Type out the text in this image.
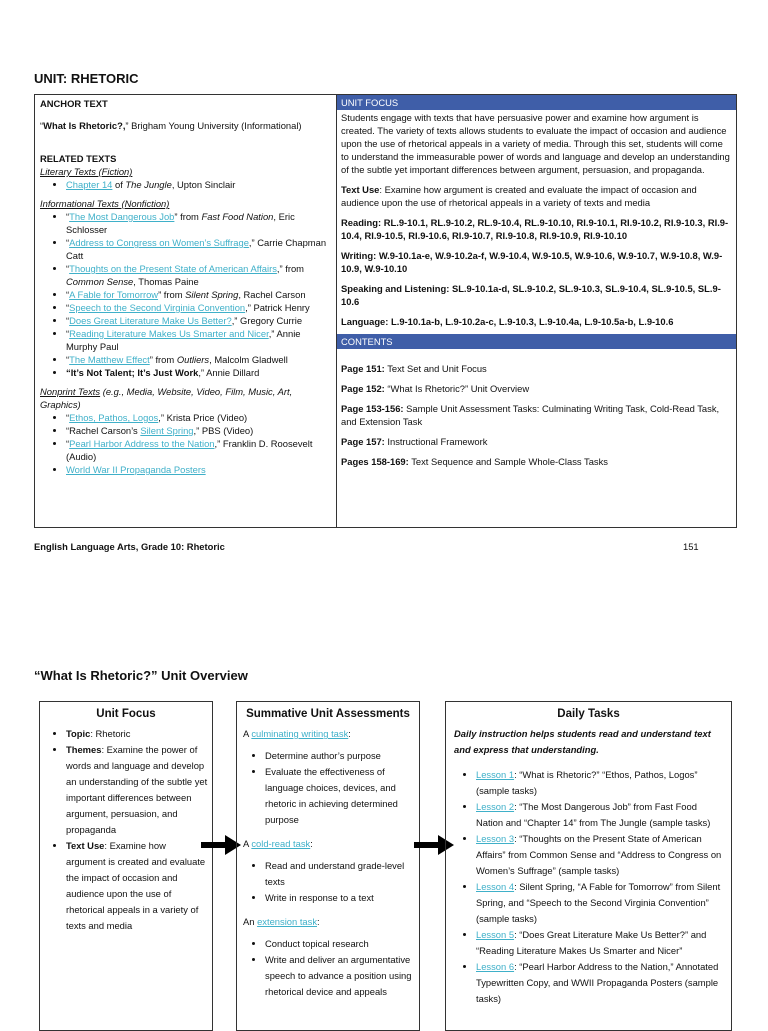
UNIT: RHETORIC
ANCHOR TEXT
“What Is Rhetoric?,” Brigham Young University (Informational)
RELATED TEXTS
Literary Texts (Fiction)
• Chapter 14 of The Jungle, Upton Sinclair
Informational Texts (Nonfiction)
• “The Most Dangerous Job” from Fast Food Nation, Eric Schlosser
• “Address to Congress on Women’s Suffrage,” Carrie Chapman Catt
• “Thoughts on the Present State of American Affairs,” from Common Sense, Thomas Paine
• “A Fable for Tomorrow” from Silent Spring, Rachel Carson
• “Speech to the Second Virginia Convention,” Patrick Henry
• “Does Great Literature Make Us Better?,” Gregory Currie
• “Reading Literature Makes Us Smarter and Nicer,” Annie Murphy Paul
• “The Matthew Effect” from Outliers, Malcolm Gladwell
• “It’s Not Talent; It’s Just Work,” Annie Dillard
Nonprint Texts (e.g., Media, Website, Video, Film, Music, Art, Graphics)
• “Ethos, Pathos, Logos,” Krista Price (Video)
• “Rachel Carson’s Silent Spring,” PBS (Video)
• “Pearl Harbor Address to the Nation,” Franklin D. Roosevelt (Audio)
• World War II Propaganda Posters
UNIT FOCUS
Students engage with texts that have persuasive power and examine how argument is created. The variety of texts allows students to evaluate the impact of occasion and audience upon the use of rhetorical appeals in a variety of media. Through this set, students will come to understand the immeasurable power of words and language and develop an understanding of the subtle yet important differences between argument, persuasion, and propaganda.
Text Use: Examine how argument is created and evaluate the impact of occasion and audience upon the use of rhetorical appeals in a variety of texts and media
Reading: RL.9-10.1, RL.9-10.2, RL.9-10.4, RL.9-10.10, RI.9-10.1, RI.9-10.2, RI.9-10.3, RI.9-10.4, RI.9-10.5, RI.9-10.6, RI.9-10.7, RI.9-10.8, RI.9-10.9, RI.9-10.10
Writing: W.9-10.1a-e, W.9-10.2a-f, W.9-10.4, W.9-10.5, W.9-10.6, W.9-10.7, W.9-10.8, W.9-10.9, W.9-10.10
Speaking and Listening: SL.9-10.1a-d, SL.9-10.2, SL.9-10.3, SL.9-10.4, SL.9-10.5, SL.9-10.6
Language: L.9-10.1a-b, L.9-10.2a-c, L.9-10.3, L.9-10.4a, L.9-10.5a-b, L.9-10.6
CONTENTS

Page 151: Text Set and Unit Focus

Page 152: “What Is Rhetoric?” Unit Overview

Page 153-156: Sample Unit Assessment Tasks: Culminating Writing Task, Cold-Read Task, and Extension Task

Page 157: Instructional Framework

Pages 158-169: Text Sequence and Sample Whole-Class Tasks

English Language Arts, Grade 10: Rhetoric	151
“What Is Rhetoric?” Unit Overview
Unit Focus
• Topic: Rhetoric
• Themes: Examine the power of words and language and develop an understanding of the subtle yet important differences between argument, persuasion, and propaganda
• Text Use: Examine how argument is created and evaluate the impact of occasion and audience upon the use of rhetorical appeals in a variety of texts and media
Summative Unit Assessments
A culminating writing task:
• Determine author’s purpose
• Evaluate the effectiveness of language choices, devices, and rhetoric in achieving determined purpose
A cold-read task:
• Read and understand grade-level texts
• Write in response to a text
An extension task:
• Conduct topical research
• Write and deliver an argumentative speech to advance a position using rhetorical device and appeals
Daily Tasks
Daily instruction helps students read and understand text and express that understanding.
• Lesson 1: “What is Rhetoric?” “Ethos, Pathos, Logos” (sample tasks)
• Lesson 2: “The Most Dangerous Job” from Fast Food Nation and “Chapter 14” from The Jungle (sample tasks)
• Lesson 3: “Thoughts on the Present State of American Affairs” from Common Sense and “Address to Congress on Women’s Suffrage” (sample tasks)
• Lesson 4: Silent Spring, “A Fable for Tomorrow” from Silent Spring, and “Speech to the Second Virginia Convention” (sample tasks)
• Lesson 5: “Does Great Literature Make Us Better?” and “Reading Literature Makes Us Smarter and Nicer”
• Lesson 6: “Pearl Harbor Address to the Nation,” Annotated Typewritten Copy, and WWII Propaganda Posters (sample tasks)
